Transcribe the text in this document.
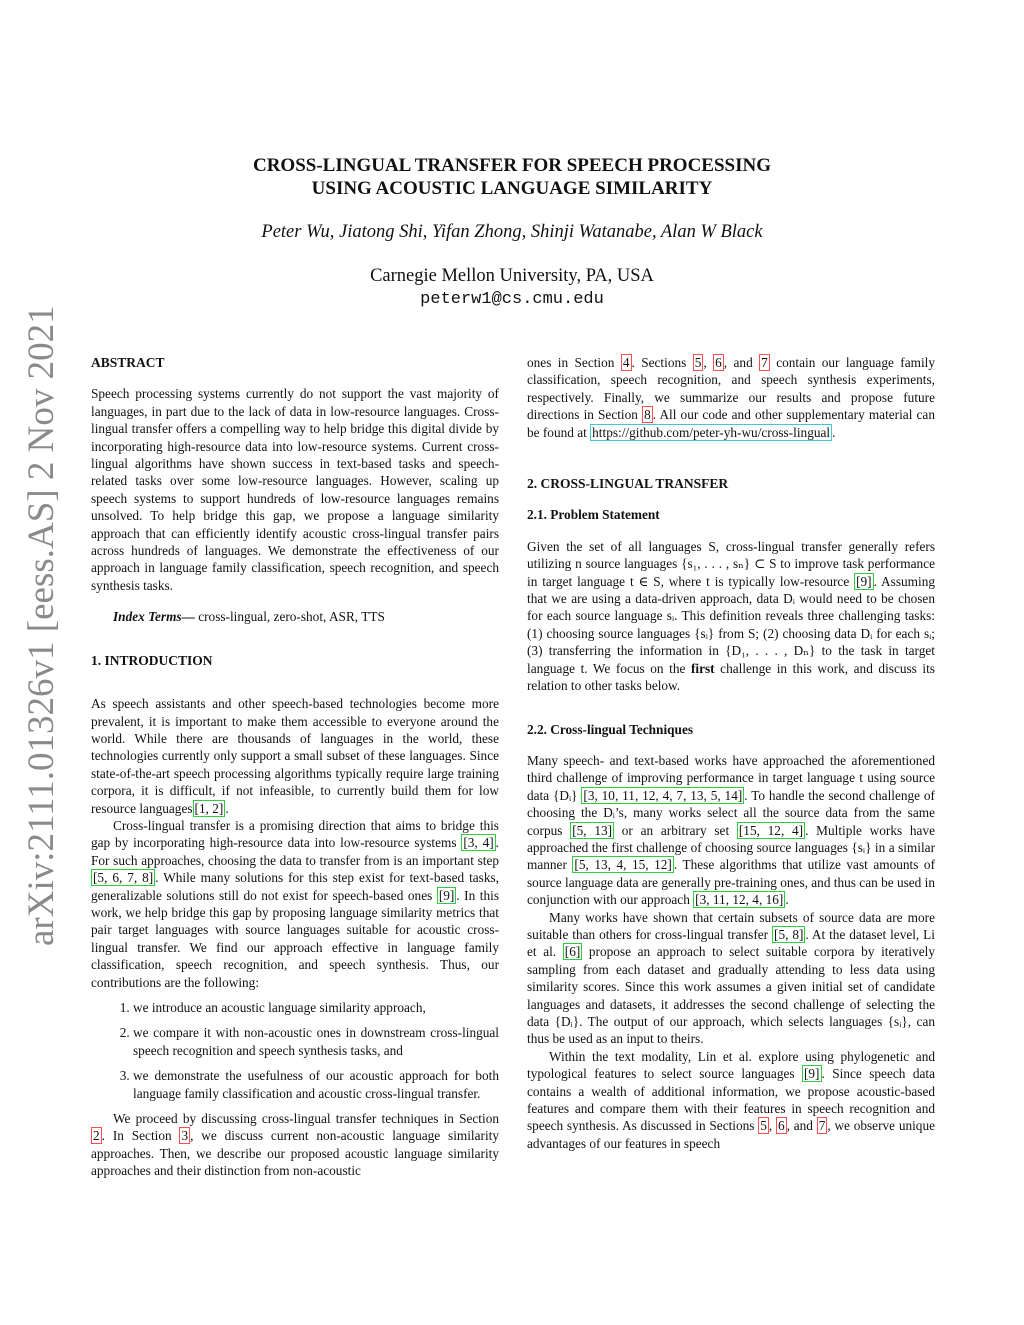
arXiv:2111.01326v1 [eess.AS] 2 Nov 2021
CROSS-LINGUAL TRANSFER FOR SPEECH PROCESSING
USING ACOUSTIC LANGUAGE SIMILARITY
Peter Wu, Jiatong Shi, Yifan Zhong, Shinji Watanabe, Alan W Black
Carnegie Mellon University, PA, USA
peterw1@cs.cmu.edu

ABSTRACT

Speech processing systems currently do not support the vast majority of languages, in part due to the lack of data in low-resource languages. Cross-lingual transfer offers a compelling way to help bridge this digital divide by incorporating high-resource data into low-resource systems. Current cross-lingual algorithms have shown success in text-based tasks and speech-related tasks over some low-resource languages. However, scaling up speech systems to support hundreds of low-resource languages remains unsolved. To help bridge this gap, we propose a language similarity approach that can efficiently identify acoustic cross-lingual transfer pairs across hundreds of languages. We demonstrate the effectiveness of our approach in language family classification, speech recognition, and speech synthesis tasks.

Index Terms— cross-lingual, zero-shot, ASR, TTS

1. INTRODUCTION

As speech assistants and other speech-based technologies become more prevalent, it is important to make them accessible to everyone around the world. While there are thousands of languages in the world, these technologies currently only support a small subset of these languages. Since state-of-the-art speech processing algorithms typically require large training corpora, it is difficult, if not infeasible, to currently build them for low resource languages [1, 2] .

Cross-lingual transfer is a promising direction that aims to bridge this gap by incorporating high-resource data into low-resource systems [3, 4] . For such approaches, choosing the data to transfer from is an important step [5, 6, 7, 8] . While many solutions for this step exist for text-based tasks, generalizable solutions still do not exist for speech-based ones [9] . In this work, we help bridge this gap by proposing language similarity metrics that pair target languages with source languages suitable for acoustic cross-lingual transfer. We find our approach effective in language family classification, speech recognition, and speech synthesis. Thus, our contributions are the following:

1. we introduce an acoustic language similarity approach,
2. we compare it with non-acoustic ones in downstream cross-lingual speech recognition and speech synthesis tasks, and
3. we demonstrate the usefulness of our acoustic approach for both language family classification and acoustic cross-lingual transfer.

We proceed by discussing cross-lingual transfer techniques in Section 2 . In Section 3 , we discuss current non-acoustic language similarity approaches. Then, we describe our proposed acoustic language similarity approaches and their distinction from non-acoustic

ones in Section 4 . Sections 5 , 6 , and 7 contain our language family classification, speech recognition, and speech synthesis experiments, respectively. Finally, we summarize our results and propose future directions in Section 8 . All our code and other supplementary material can be found at https://github.com/peter-yh-wu/cross-lingual .

2. CROSS-LINGUAL TRANSFER

2.1. Problem Statement

Given the set of all languages S, cross-lingual transfer generally refers utilizing n source languages {s₁, . . . , sₙ} ⊂ S to improve task performance in target language t ∈ S, where t is typically low-resource [9] . Assuming that we are using a data-driven approach, data Dᵢ would need to be chosen for each source language sᵢ. This definition reveals three challenging tasks: (1) choosing source languages {sᵢ} from S; (2) choosing data Dᵢ for each sᵢ; (3) transferring the information in {D₁, . . . , Dₙ} to the task in target language t. We focus on the first challenge in this work, and discuss its relation to other tasks below.

2.2. Cross-lingual Techniques

Many speech- and text-based works have approached the aforementioned third challenge of improving performance in target language t using source data {Dᵢ} [3, 10, 11, 12, 4, 7, 13, 5, 14] . To handle the second challenge of choosing the Dᵢ’s, many works select all the source data from the same corpus [5, 13] or an arbitrary set [15, 12, 4] . Multiple works have approached the first challenge of choosing source languages {sᵢ} in a similar manner [5, 13, 4, 15, 12] . These algorithms that utilize vast amounts of source language data are generally pre-training ones, and thus can be used in conjunction with our approach [3, 11, 12, 4, 16] .

Many works have shown that certain subsets of source data are more suitable than others for cross-lingual transfer [5, 8] . At the dataset level, Li et al. [6] propose an approach to select suitable corpora by iteratively sampling from each dataset and gradually attending to less data using similarity scores. Since this work assumes a given initial set of candidate languages and datasets, it addresses the second challenge of selecting the data {Dᵢ}. The output of our approach, which selects languages {sᵢ}, can thus be used as an input to theirs.

Within the text modality, Lin et al. explore using phylogenetic and typological features to select source languages [9] . Since speech data contains a wealth of additional information, we propose acoustic-based features and compare them with their features in speech recognition and speech synthesis. As discussed in Sections 5 , 6 , and 7 , we observe unique advantages of our features in speech
